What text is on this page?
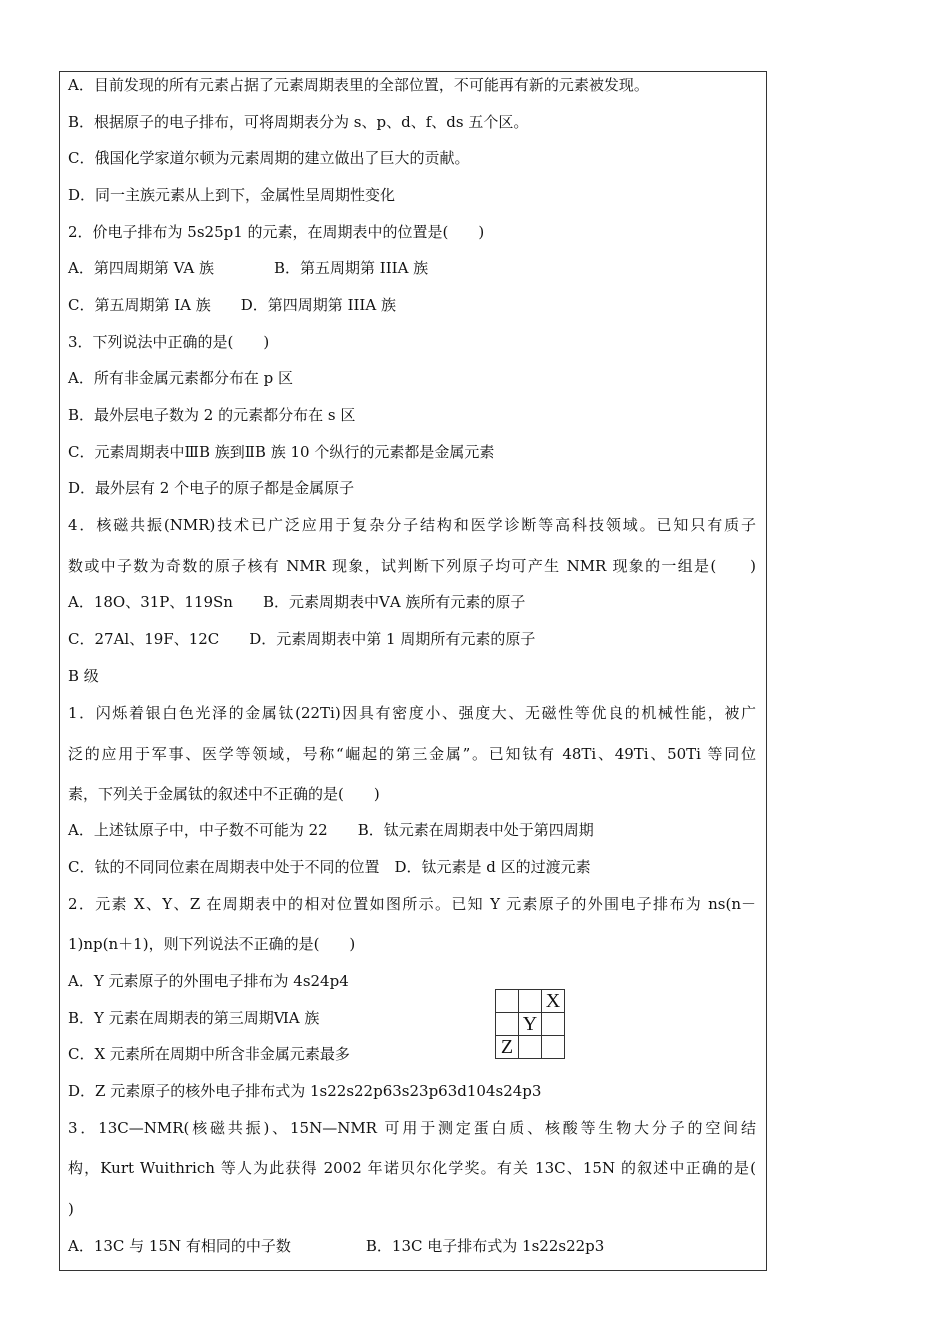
A．目前发现的所有元素占据了元素周期表里的全部位置，不可能再有新的元素被发现。
B．根据原子的电子排布，可将周期表分为 s、p、d、f、ds 五个区。
C．俄国化学家道尔顿为元素周期的建立做出了巨大的贡献。
D．同一主族元素从上到下，金属性呈周期性变化
2．价电子排布为 5s25p1 的元素，在周期表中的位置是(　　)
A．第四周期第 VA 族　　　　B．第五周期第 IIIA 族
C．第五周期第 IA 族　　D．第四周期第 IIIA 族
3．下列说法中正确的是(　　)
A．所有非金属元素都分布在 p 区
B．最外层电子数为 2 的元素都分布在 s 区
C．元素周期表中ⅢB 族到ⅡB 族 10 个纵行的元素都是金属元素
D．最外层有 2 个电子的原子都是金属原子
4．核磁共振(NMR)技术已广泛应用于复杂分子结构和医学诊断等高科技领域。已知只有质子
数或中子数为奇数的原子核有 NMR 现象，试判断下列原子均可产生 NMR 现象的一组是(　　)
A．18O、31P、119Sn　　B．元素周期表中ⅤA 族所有元素的原子
C．27Al、19F、12C　　D．元素周期表中第 1 周期所有元素的原子
B 级
1．闪烁着银白色光泽的金属钛(22Ti)因具有密度小、强度大、无磁性等优良的机械性能，被广
泛的应用于军事、医学等领域，号称“崛起的第三金属”。已知钛有 48Ti、49Ti、50Ti 等同位
素，下列关于金属钛的叙述中不正确的是(　　)
A．上述钛原子中，中子数不可能为 22　　B．钛元素在周期表中处于第四周期
C．钛的不同同位素在周期表中处于不同的位置　D．钛元素是 d 区的过渡元素
2．元素 X、Y、Z 在周期表中的相对位置如图所示。已知 Y 元素原子的外围电子排布为 ns(n－
1)np(n＋1)，则下列说法不正确的是(　　)
A．Y 元素原子的外围电子排布为 4s24p4
B．Y 元素在周期表的第三周期ⅥA 族
C．X 元素所在周期中所含非金属元素最多
D．Z 元素原子的核外电子排布式为 1s22s22p63s23p63d104s24p3
3．13C—NMR(核磁共振)、15N—NMR 可用于测定蛋白质、核酸等生物大分子的空间结
构，Kurt Wuithrich 等人为此获得 2002 年诺贝尔化学奖。有关 13C、15N 的叙述中正确的是(
)
A．13C 与 15N 有相同的中子数　　　　　B．13C 电子排布式为 1s22s22p3
		X
	Y	
Z		
